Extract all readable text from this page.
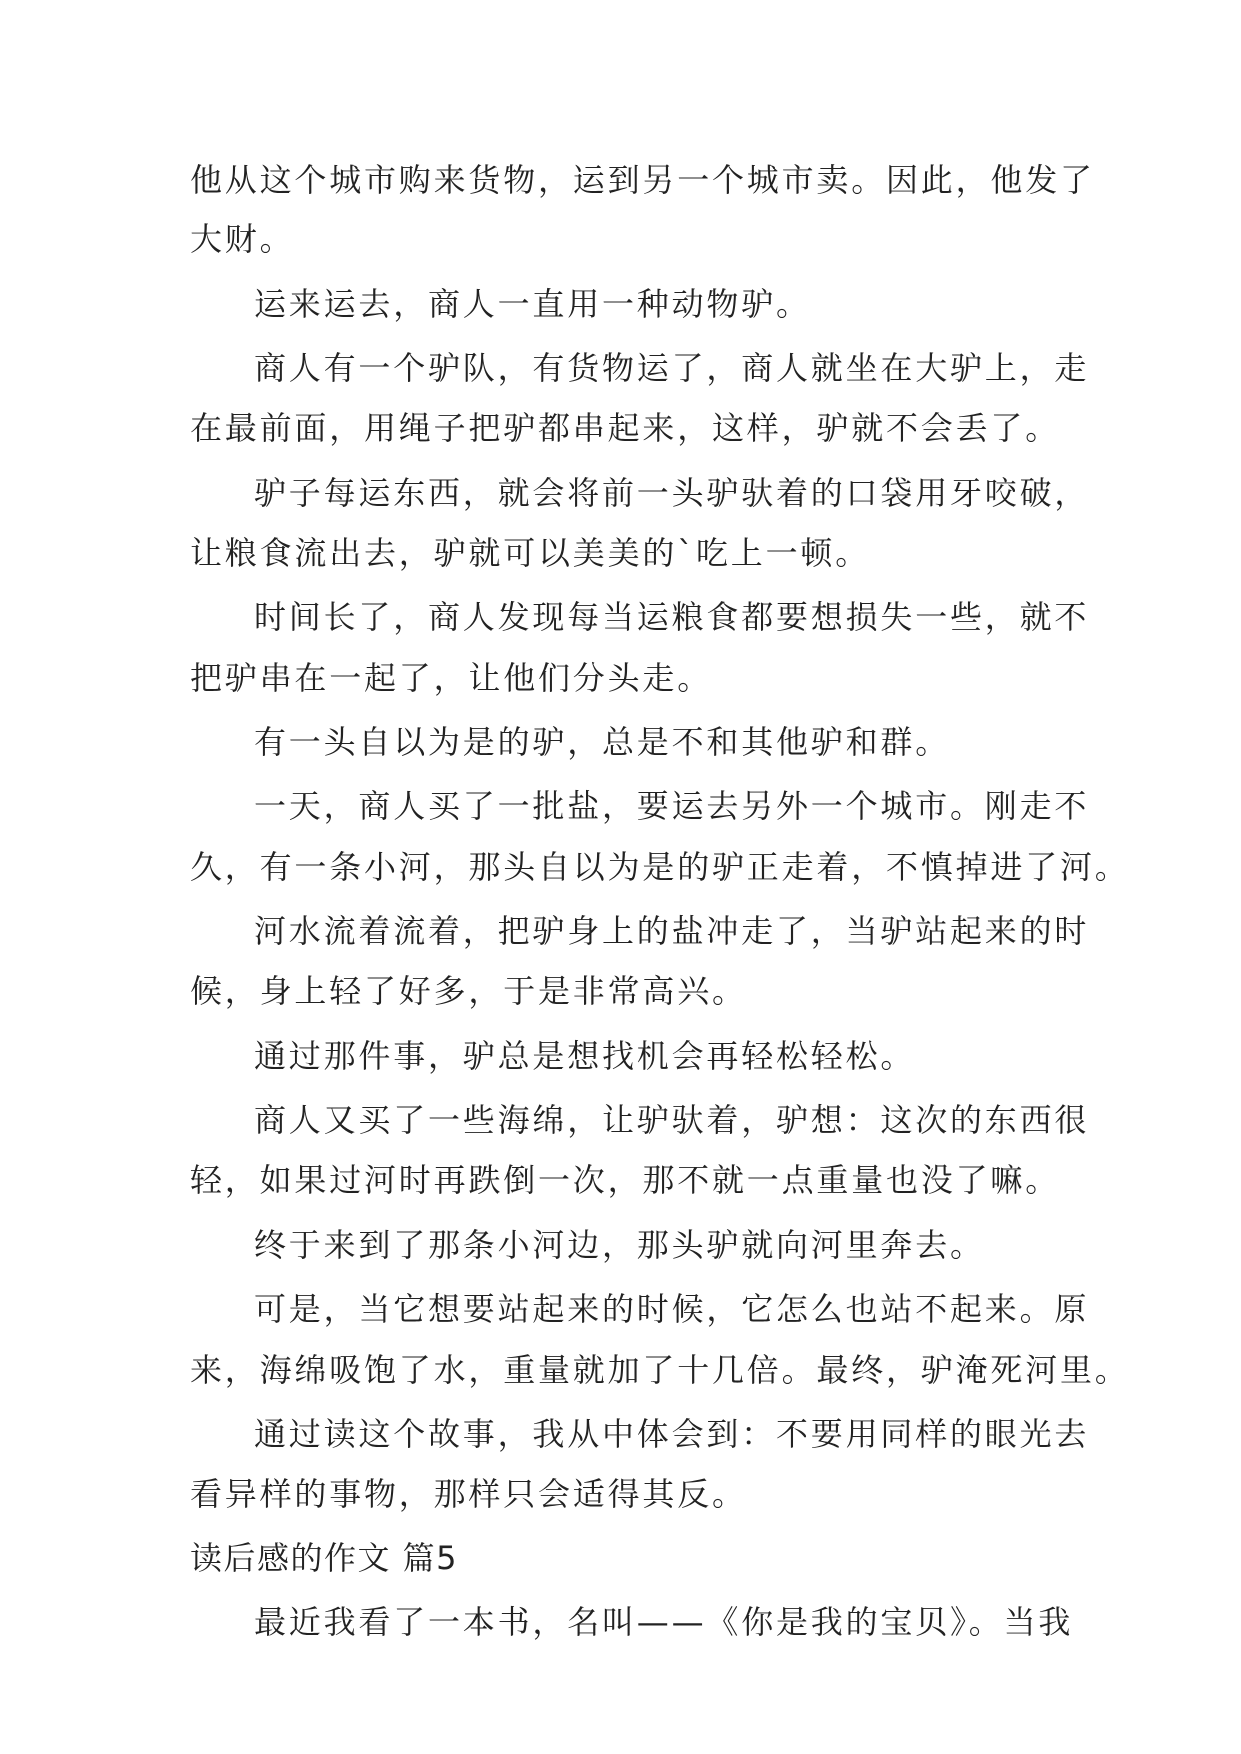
他从这个城市购来货物，运到另一个城市卖。因此，他发了
大财。
运来运去，商人一直用一种动物驴。
商人有一个驴队，有货物运了，商人就坐在大驴上，走
在最前面，用绳子把驴都串起来，这样，驴就不会丢了。
驴子每运东西，就会将前一头驴驮着的口袋用牙咬破，
让粮食流出去，驴就可以美美的`吃上一顿。
时间长了，商人发现每当运粮食都要想损失一些，就不
把驴串在一起了，让他们分头走。
有一头自以为是的驴，总是不和其他驴和群。
一天，商人买了一批盐，要运去另外一个城市。刚走不
久，有一条小河，那头自以为是的驴正走着，不慎掉进了河。
河水流着流着，把驴身上的盐冲走了，当驴站起来的时
候，身上轻了好多，于是非常高兴。
通过那件事，驴总是想找机会再轻松轻松。
商人又买了一些海绵，让驴驮着，驴想：这次的东西很
轻，如果过河时再跌倒一次，那不就一点重量也没了嘛。
终于来到了那条小河边，那头驴就向河里奔去。
可是，当它想要站起来的时候，它怎么也站不起来。原
来，海绵吸饱了水，重量就加了十几倍。最终，驴淹死河里。
通过读这个故事，我从中体会到：不要用同样的眼光去
看异样的事物，那样只会适得其反。
读后感的作文 篇5
最近我看了一本书，名叫——《你是我的宝贝》。当我
